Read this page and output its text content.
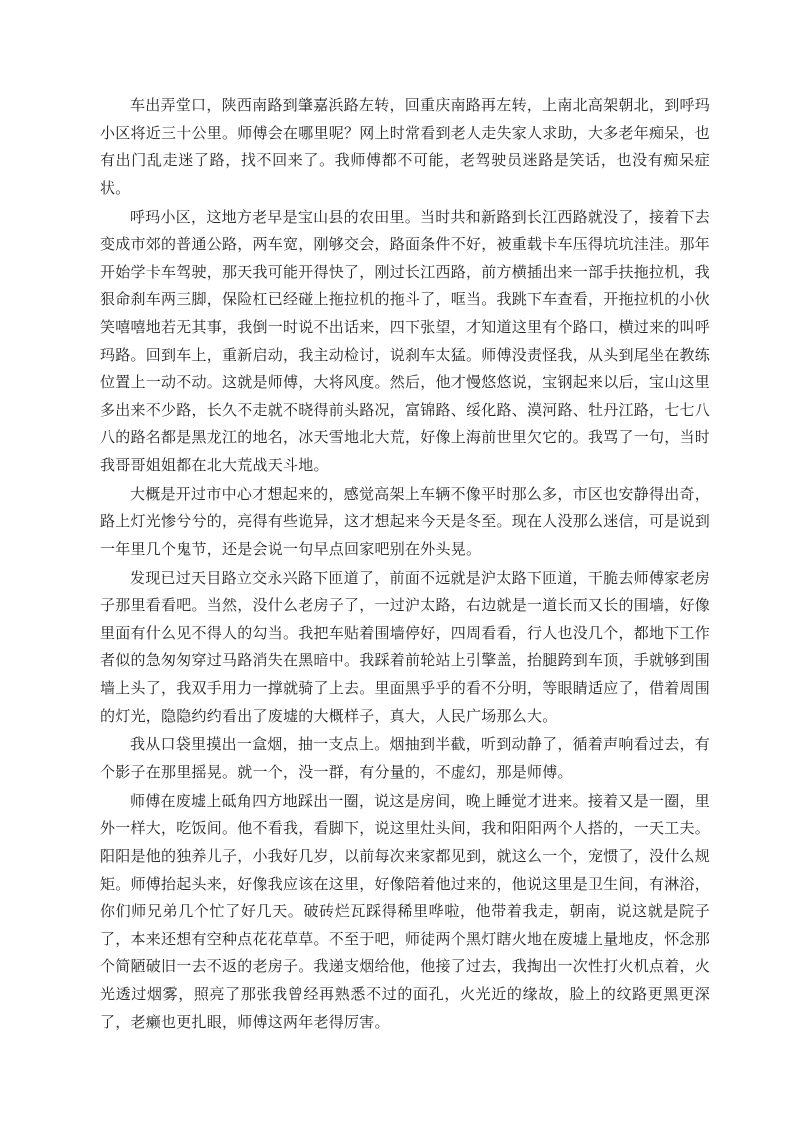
车出弄堂口，陕西南路到肇嘉浜路左转，回重庆南路再左转，上南北高架朝北，到呼玛小区将近三十公里。师傅会在哪里呢？网上时常看到老人走失家人求助，大多老年痴呆，也有出门乱走迷了路，找不回来了。我师傅都不可能，老驾驶员迷路是笑话，也没有痴呆症状。

呼玛小区，这地方老早是宝山县的农田里。当时共和新路到长江西路就没了，接着下去变成市郊的普通公路，两车宽，刚够交会，路面条件不好，被重载卡车压得坑坑洼洼。那年开始学卡车驾驶，那天我可能开得快了，刚过长江西路，前方横插出来一部手扶拖拉机，我狠命刹车两三脚，保险杠已经碰上拖拉机的拖斗了，哐当。我跳下车查看，开拖拉机的小伙笑嘻嘻地若无其事，我倒一时说不出话来，四下张望，才知道这里有个路口，横过来的叫呼玛路。回到车上，重新启动，我主动检讨，说刹车太猛。师傅没责怪我，从头到尾坐在教练位置上一动不动。这就是师傅，大将风度。然后，他才慢悠悠说，宝钢起来以后，宝山这里多出来不少路，长久不走就不晓得前头路况，富锦路、绥化路、漠河路、牡丹江路，七七八八的路名都是黑龙江的地名，冰天雪地北大荒，好像上海前世里欠它的。我骂了一句，当时我哥哥姐姐都在北大荒战天斗地。

大概是开过市中心才想起来的，感觉高架上车辆不像平时那么多，市区也安静得出奇，路上灯光惨兮兮的，亮得有些诡异，这才想起来今天是冬至。现在人没那么迷信，可是说到一年里几个鬼节，还是会说一句早点回家吧别在外头晃。

发现已过天目路立交永兴路下匝道了，前面不远就是沪太路下匝道，干脆去师傅家老房子那里看看吧。当然，没什么老房子了，一过沪太路，右边就是一道长而又长的围墙，好像里面有什么见不得人的勾当。我把车贴着围墙停好，四周看看，行人也没几个，都地下工作者似的急匆匆穿过马路消失在黑暗中。我踩着前轮站上引擎盖，抬腿跨到车顶，手就够到围墙上头了，我双手用力一撑就骑了上去。里面黑乎乎的看不分明，等眼睛适应了，借着周围的灯光，隐隐约约看出了废墟的大概样子，真大，人民广场那么大。

我从口袋里摸出一盒烟，抽一支点上。烟抽到半截，听到动静了，循着声响看过去，有个影子在那里摇晃。就一个，没一群，有分量的，不虚幻，那是师傅。

师傅在废墟上砥角四方地踩出一圈，说这是房间，晚上睡觉才进来。接着又是一圈，里外一样大，吃饭间。他不看我，看脚下，说这里灶头间，我和阳阳两个人搭的，一天工夫。阳阳是他的独养儿子，小我好几岁，以前每次来家都见到，就这么一个，宠惯了，没什么规矩。师傅抬起头来，好像我应该在这里，好像陪着他过来的，他说这里是卫生间，有淋浴，你们师兄弟几个忙了好几天。破砖烂瓦踩得稀里哗啦，他带着我走，朝南，说这就是院子了，本来还想有空种点花花草草。不至于吧，师徒两个黑灯瞎火地在废墟上量地皮，怀念那个简陋破旧一去不返的老房子。我递支烟给他，他接了过去，我掏出一次性打火机点着，火光透过烟雾，照亮了那张我曾经再熟悉不过的面孔，火光近的缘故，脸上的纹路更黑更深了，老癞也更扎眼，师傅这两年老得厉害。
